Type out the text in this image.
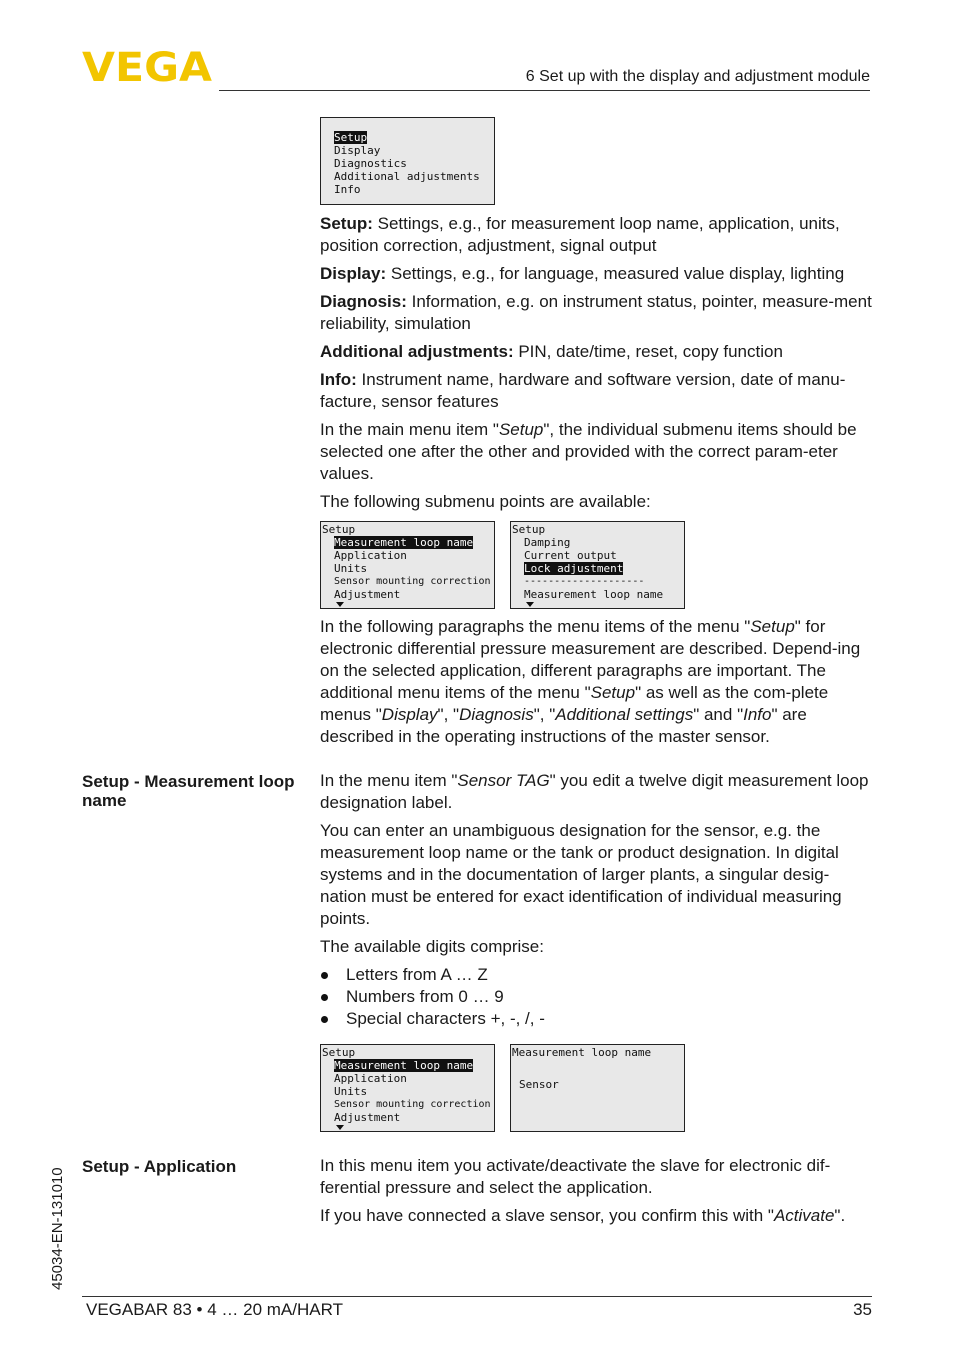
VEGA	6 Set up with the display and adjustment module
Setup
Display
Diagnostics
Additional adjustments
Info

Setup: Settings, e.g., for measurement loop name, application, units, position correction, adjustment, signal output

Display: Settings, e.g., for language, measured value display, lighting

Diagnosis: Information, e.g. on instrument status, pointer, measure-ment reliability, simulation

Additional adjustments: PIN, date/time, reset, copy function

Info: Instrument name, hardware and software version, date of manu-facture, sensor features

In the main menu item "Setup", the individual submenu items should be selected one after the other and provided with the correct param-eter values.

The following submenu points are available:

Setup
Measurement loop name
Application
Units
Sensor mounting correction
Adjustment
Setup
Damping
Current output
Lock adjustment
--------------------
Measurement loop name

In the following paragraphs the menu items of the menu "Setup" for electronic differential pressure measurement are described. Depend-ing on the selected application, different paragraphs are important. The additional menu items of the menu "Setup" as well as the com-plete menus "Display", "Diagnosis", "Additional settings" and "Info" are described in the operating instructions of the master sensor.

Setup - Measurement loop name

In the menu item "Sensor TAG" you edit a twelve digit measurement loop designation label.

You can enter an unambiguous designation for the sensor, e.g. the measurement loop name or the tank or product designation. In digital systems and in the documentation of larger plants, a singular desig-nation must be entered for exact identification of individual measuring points.

The available digits comprise:

Letters from A … Z
Numbers from 0 … 9
Special characters +, -, /, -
Setup
Measurement loop name
Application
Units
Sensor mounting correction
Adjustment
Measurement loop name
Sensor
Setup - Application	In this menu item you activate/deactivate the slave for electronic dif-ferential pressure and select the application.

If you have connected a slave sensor, you confirm this with "Activate".

45034-EN-131010
VEGABAR 83 • 4 … 20 mA/HART	35
